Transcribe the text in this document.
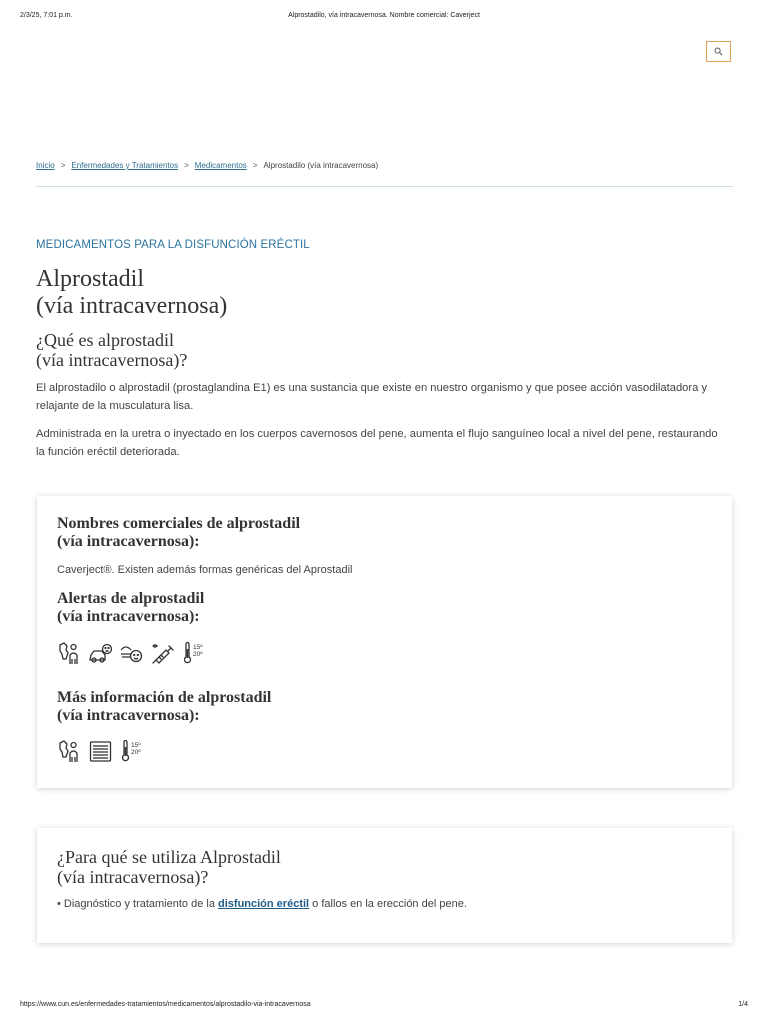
2/3/25, 7:01 p.m.	Alprostadilo, vía intracavernosa. Nombre comercial: Caverject
Inicio > Enfermedades y Tratamientos > Medicamentos > Alprostadilo (vía intracavernosa)
MEDICAMENTOS PARA LA DISFUNCIÓN ERÉCTIL
Alprostadil
(vía intracavernosa)
¿Qué es alprostadil
(vía intracavernosa)?

El alprostadilo o alprostadil (prostaglandina E1) es una sustancia que existe en nuestro organismo y que posee acción vasodilatadora y relajante de la musculatura lisa.

Administrada en la uretra o inyectado en los cuerpos cavernosos del pene, aumenta el flujo sanguíneo local a nivel del pene, restaurando la función eréctil deteriorada.

Nombres comerciales de alprostadil
(vía intracavernosa):
Caverject®. Existen además formas genéricas del Aprostadil
Alertas de alprostadil
(vía intracavernosa):
15º
20º
Más información de alprostadil
(vía intracavernosa):
15º
20º
¿Para qué se utiliza Alprostadil
(vía intracavernosa)?
• Diagnóstico y tratamiento de la disfunción eréctil o fallos en la erección del pene.
https://www.cun.es/enfermedades-tratamientos/medicamentos/alprostadilo-via-intracavernosa	1/4
